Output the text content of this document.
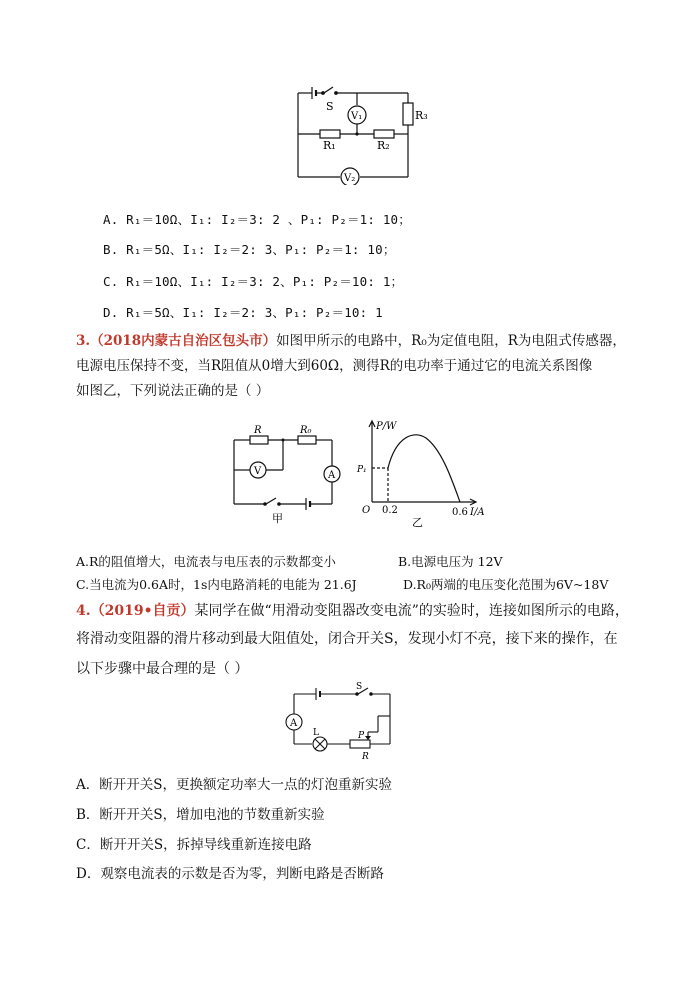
S
V₁
V₂
R₁	R₂
R₃
A. R₁＝10Ω、I₁: I₂＝3: 2 、P₁: P₂＝1: 10；
B. R₁＝5Ω、I₁: I₂＝2: 3、P₁: P₂＝1: 10；
C. R₁＝10Ω、I₁: I₂＝3: 2、P₁: P₂＝10: 1；
D. R₁＝5Ω、I₁: I₂＝2: 3、P₁: P₂＝10: 1
3.（2018内蒙古自治区包头市）如图甲所示的电路中，R₀为定值电阻，R为电阻式传感器，
电源电压保持不变，当R阻值从0增大到60Ω，测得R的电功率于通过它的电流关系图像
如图乙，下列说法正确的是（ ）
R	R₀
V	A
甲
P/W
P₁
O 0.2	0.6 I/A
乙
A.R的阻值增大，电流表与电压表的示数都变小	B.电源电压为 12V
C.当电流为0.6A时，1s内电路消耗的电能为 21.6J	D.R₀两端的电压变化范围为6V~18V
4.（2019•自贡）某同学在做“用滑动变阻器改变电流”的实验时，连接如图所示的电路，
将滑动变阻器的滑片移动到最大阻值处，闭合开关S，发现小灯不亮，接下来的操作，在
以下步骤中最合理的是（ ）
S
A
L	P
R
A．断开开关S，更换额定功率大一点的灯泡重新实验
B．断开开关S，增加电池的节数重新实验
C．断开开关S，拆掉导线重新连接电路
D．观察电流表的示数是否为零，判断电路是否断路
